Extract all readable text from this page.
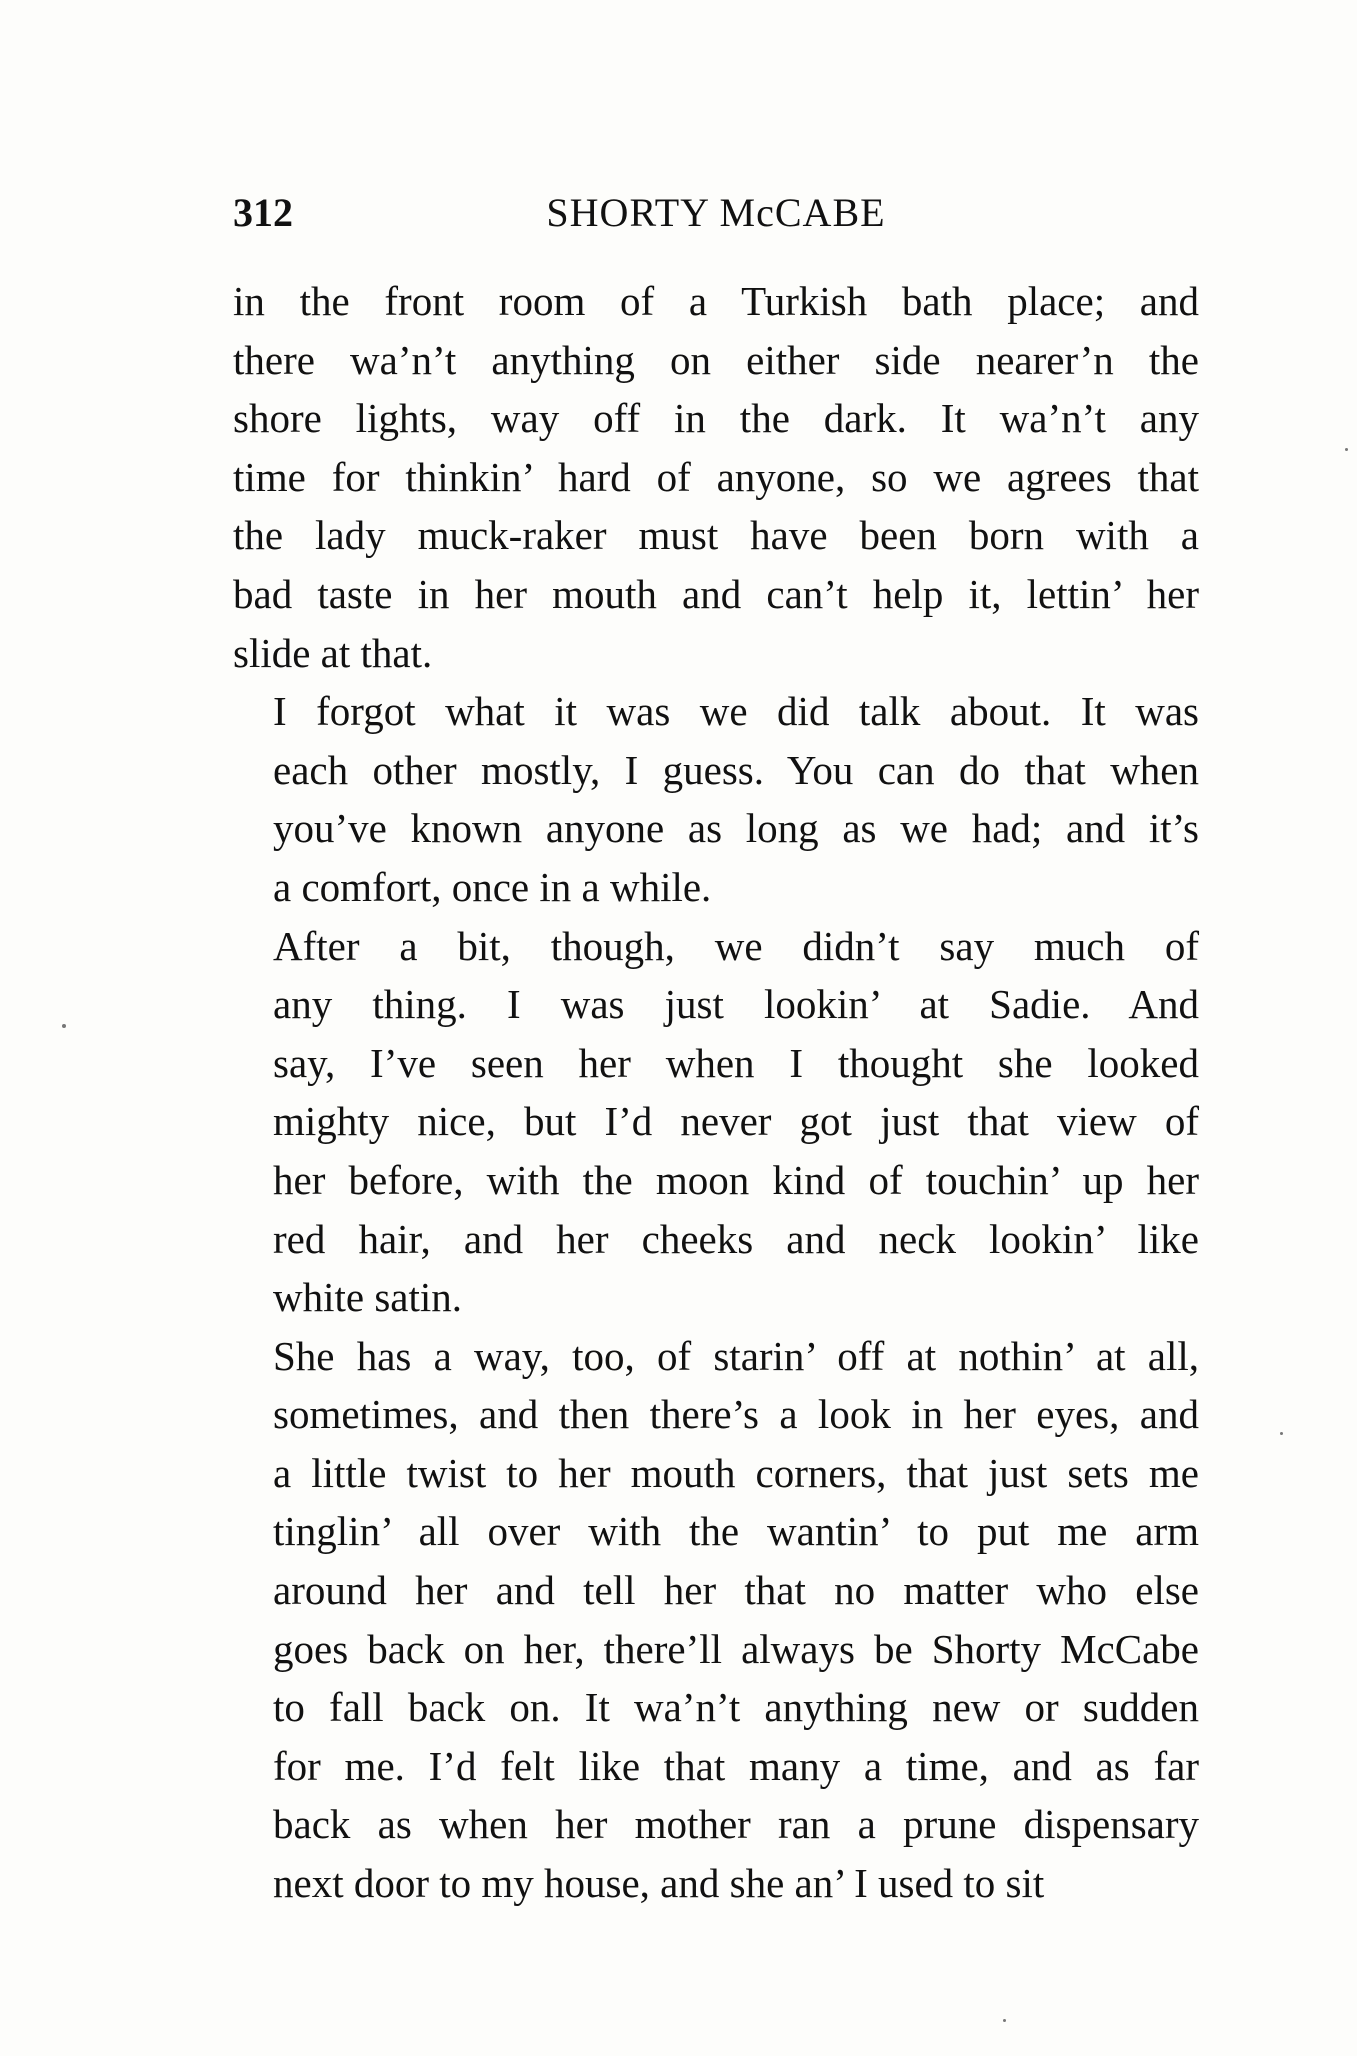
312	SHORTY McCABE

in the front room of a Turkish bath place; and
there wa’n’t anything on either side nearer’n the
shore lights, way off in the dark. It wa’n’t any
time for thinkin’ hard of anyone, so we agrees that
the lady muck-raker must have been born with a
bad taste in her mouth and can’t help it, lettin’ her
slide at that.

I forgot what it was we did talk about. It was
each other mostly, I guess. You can do that when
you’ve known anyone as long as we had; and it’s
a comfort, once in a while.

After a bit, though, we didn’t say much of
any thing. I was just lookin’ at Sadie. And
say, I’ve seen her when I thought she looked
mighty nice, but I’d never got just that view of
her before, with the moon kind of touchin’ up her
red hair, and her cheeks and neck lookin’ like
white satin.

She has a way, too, of starin’ off at nothin’ at all,
sometimes, and then there’s a look in her eyes, and
a little twist to her mouth corners, that just sets me
tinglin’ all over with the wantin’ to put me arm
around her and tell her that no matter who else
goes back on her, there’ll always be Shorty McCabe
to fall back on. It wa’n’t anything new or sudden
for me. I’d felt like that many a time, and as far
back as when her mother ran a prune dispensary
next door to my house, and she an’ I used to sit
